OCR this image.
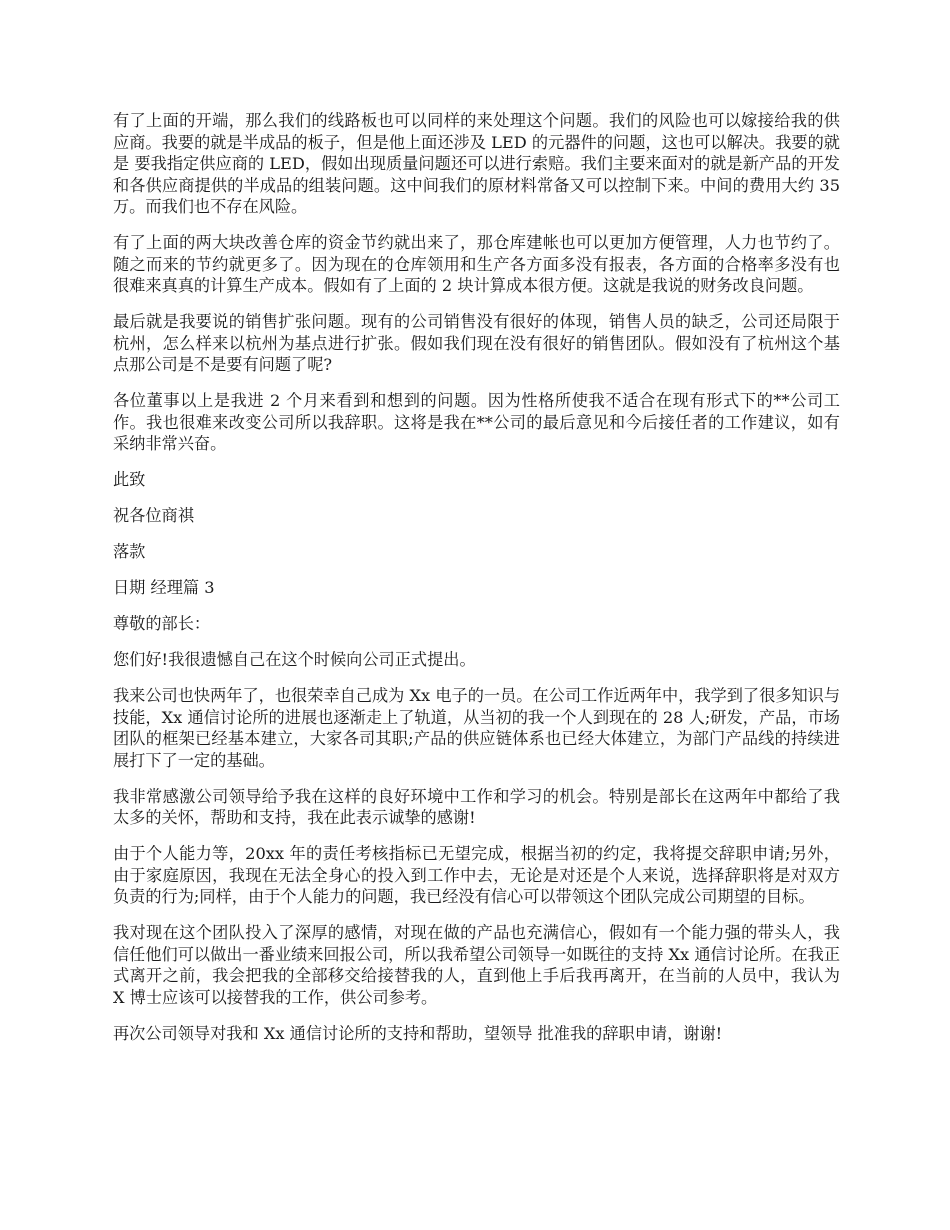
有了上面的开端，那么我们的线路板也可以同样的来处理这个问题。我们的风险也可以嫁接给我的供应商。我要的就是半成品的板子，但是他上面还涉及 LED 的元器件的问题，这也可以解决。我要的就是 要我指定供应商的 LED，假如出现质量问题还可以进行索赔。我们主要来面对的就是新产品的开发和各供应商提供的半成品的组装问题。这中间我们的原材料常备又可以控制下来。中间的费用大约 35 万。而我们也不存在风险。

有了上面的两大块改善仓库的资金节约就出来了，那仓库建帐也可以更加方便管理，人力也节约了。随之而来的节约就更多了。因为现在的仓库领用和生产各方面多没有报表，各方面的合格率多没有也很难来真真的计算生产成本。假如有了上面的 2 块计算成本很方便。这就是我说的财务改良问题。

最后就是我要说的销售扩张问题。现有的公司销售没有很好的体现，销售人员的缺乏，公司还局限于杭州，怎么样来以杭州为基点进行扩张。假如我们现在没有很好的销售团队。假如没有了杭州这个基点那公司是不是要有问题了呢?

各位董事以上是我进 2 个月来看到和想到的问题。因为性格所使我不适合在现有形式下的**公司工作。我也很难来改变公司所以我辞职。这将是我在**公司的最后意见和今后接任者的工作建议，如有采纳非常兴奋。

此致

祝各位商祺

落款

日期 经理篇 3

尊敬的部长：

您们好!我很遗憾自己在这个时候向公司正式提出。

我来公司也快两年了，也很荣幸自己成为 Xx 电子的一员。在公司工作近两年中，我学到了很多知识与技能，Xx 通信讨论所的进展也逐渐走上了轨道，从当初的我一个人到现在的 28 人;研发，产品，市场团队的框架已经基本建立，大家各司其职;产品的供应链体系也已经大体建立，为部门产品线的持续进展打下了一定的基础。

我非常感激公司领导给予我在这样的良好环境中工作和学习的机会。特别是部长在这两年中都给了我太多的关怀，帮助和支持，我在此表示诚挚的感谢!

由于个人能力等，20xx 年的责任考核指标已无望完成，根据当初的约定，我将提交辞职申请;另外，由于家庭原因，我现在无法全身心的投入到工作中去，无论是对还是个人来说，选择辞职将是对双方负责的行为;同样，由于个人能力的问题，我已经没有信心可以带领这个团队完成公司期望的目标。

我对现在这个团队投入了深厚的感情，对现在做的产品也充满信心，假如有一个能力强的带头人，我信任他们可以做出一番业绩来回报公司，所以我希望公司领导一如既往的支持 Xx 通信讨论所。在我正式离开之前，我会把我的全部移交给接替我的人，直到他上手后我再离开，在当前的人员中，我认为 X 博士应该可以接替我的工作，供公司参考。

再次公司领导对我和 Xx 通信讨论所的支持和帮助，望领导 批准我的辞职申请，谢谢!
